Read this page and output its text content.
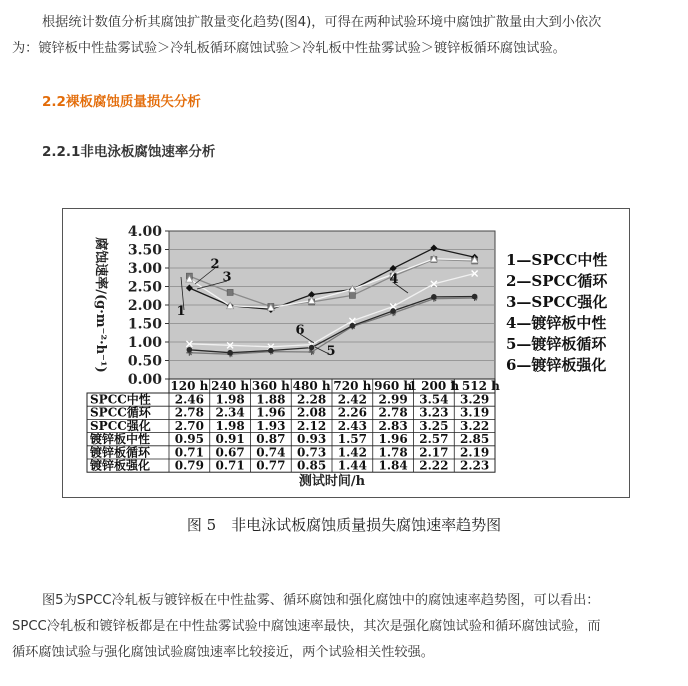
根据统计数值分析其腐蚀扩散量变化趋势(图4)，可得在两种试验环境中腐蚀扩散量由大到小依次
为：镀锌板中性盐雾试验＞冷轧板循环腐蚀试验＞冷轧板中性盐雾试验＞镀锌板循环腐蚀试验。

2.2裸板腐蚀质量损失分析

2.2.1非电泳板腐蚀速率分析

0.00
0.50
1.00
1.50
2.00
2.50
3.00
3.50
4.00
腐蚀速率/(g·m⁻²·h⁻¹)	1
2
3	4
5
6
1—SPCC中性
2—SPCC循环
3—SPCC强化
4—镀锌板中性
5—镀锌板循环
6—镀锌板强化
120 h 240 h 360 h 480 h 720 h 960 h
1 200 h
1 512 h
SPCC中性 2.46 1.98 1.88 2.28 2.42 2.99 3.54 3.29
SPCC循环 2.78 2.34 1.96 2.08 2.26 2.78 3.23 3.19
SPCC强化 2.70 1.98 1.93 2.12 2.43 2.83 3.25 3.22
镀锌板中性 0.95 0.91 0.87 0.93 1.57 1.96 2.57 2.85
镀锌板循环 0.71 0.67 0.74 0.73 1.42 1.78 2.17 2.19
镀锌板强化 0.79 0.71 0.77 0.85 1.44 1.84 2.22 2.23
测试时间/h

图 5　非电泳试板腐蚀质量损失腐蚀速率趋势图

图5为SPCC冷轧板与镀锌板在中性盐雾、循环腐蚀和强化腐蚀中的腐蚀速率趋势图，可以看出：
SPCC冷轧板和镀锌板都是在中性盐雾试验中腐蚀速率最快，其次是强化腐蚀试验和循环腐蚀试验，而
循环腐蚀试验与强化腐蚀试验腐蚀速率比较接近，两个试验相关性较强。
